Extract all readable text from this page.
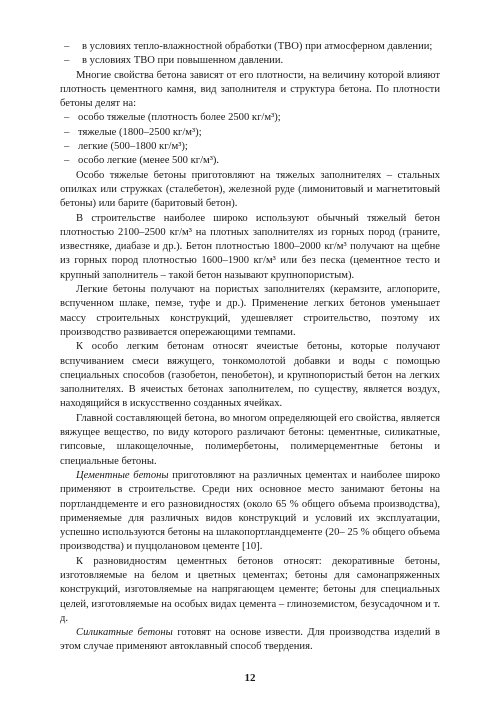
– в условиях тепло-влажностной обработки (ТВО) при атмосферном давлении;

– в условиях ТВО при повышенном давлении.

Многие свойства бетона зависят от его плотности, на величину которой влияют плотность цементного камня, вид заполнителя и структура бетона. По плотности бетоны делят на:

– особо тяжелые (плотность более 2500 кг/м³);

– тяжелые (1800–2500 кг/м³);

– легкие (500–1800 кг/м³);

– особо легкие (менее 500 кг/м³).

Особо тяжелые бетоны приготовляют на тяжелых заполнителях – стальных опилках или стружках (сталебетон), железной руде (лимонитовый и магнетитовый бетоны) или барите (баритовый бетон).

В строительстве наиболее широко используют обычный тяжелый бетон плотностью 2100–2500 кг/м³ на плотных заполнителях из горных пород (граните, известняке, диабазе и др.). Бетон плотностью 1800–2000 кг/м³ получают на щебне из горных пород плотностью 1600–1900 кг/м³ или без песка (цементное тесто и крупный заполнитель – такой бетон называют крупнопористым).

Легкие бетоны получают на пористых заполнителях (керамзите, аглопорите, вспученном шлаке, пемзе, туфе и др.). Применение легких бетонов уменьшает массу строительных конструкций, удешевляет строительство, поэтому их производство развивается опережающими темпами.

К особо легким бетонам относят ячеистые бетоны, которые получают вспучиванием смеси вяжущего, тонкомолотой добавки и воды с помощью специальных способов (газобетон, пенобетон), и крупнопористый бетон на легких заполнителях. В ячеистых бетонах заполнителем, по существу, является воздух, находящийся в искусственно созданных ячейках.

Главной составляющей бетона, во многом определяющей его свойства, является вяжущее вещество, по виду которого различают бетоны: цементные, силикатные, гипсовые, шлакощелочные, полимербетоны, полимерцементные бетоны и специальные бетоны.

Цементные бетоны приготовляют на различных цементах и наиболее широко применяют в строительстве. Среди них основное место занимают бетоны на портландцементе и его разновидностях (около 65 % общего объема производства), применяемые для различных видов конструкций и условий их эксплуатации, успешно используются бетоны на шлакопортландцементе (20– 25 % общего объема производства) и пуццолановом цементе [10].

К разновидностям цементных бетонов относят: декоративные бетоны, изготовляемые на белом и цветных цементах; бетоны для самонапряженных конструкций, изготовляемые на напрягающем цементе; бетоны для специальных целей, изготовляемые на особых видах цемента – глиноземистом, безусадочном и т. д.

Силикатные бетоны готовят на основе извести. Для производства изделий в этом случае применяют автоклавный способ твердения.

12
